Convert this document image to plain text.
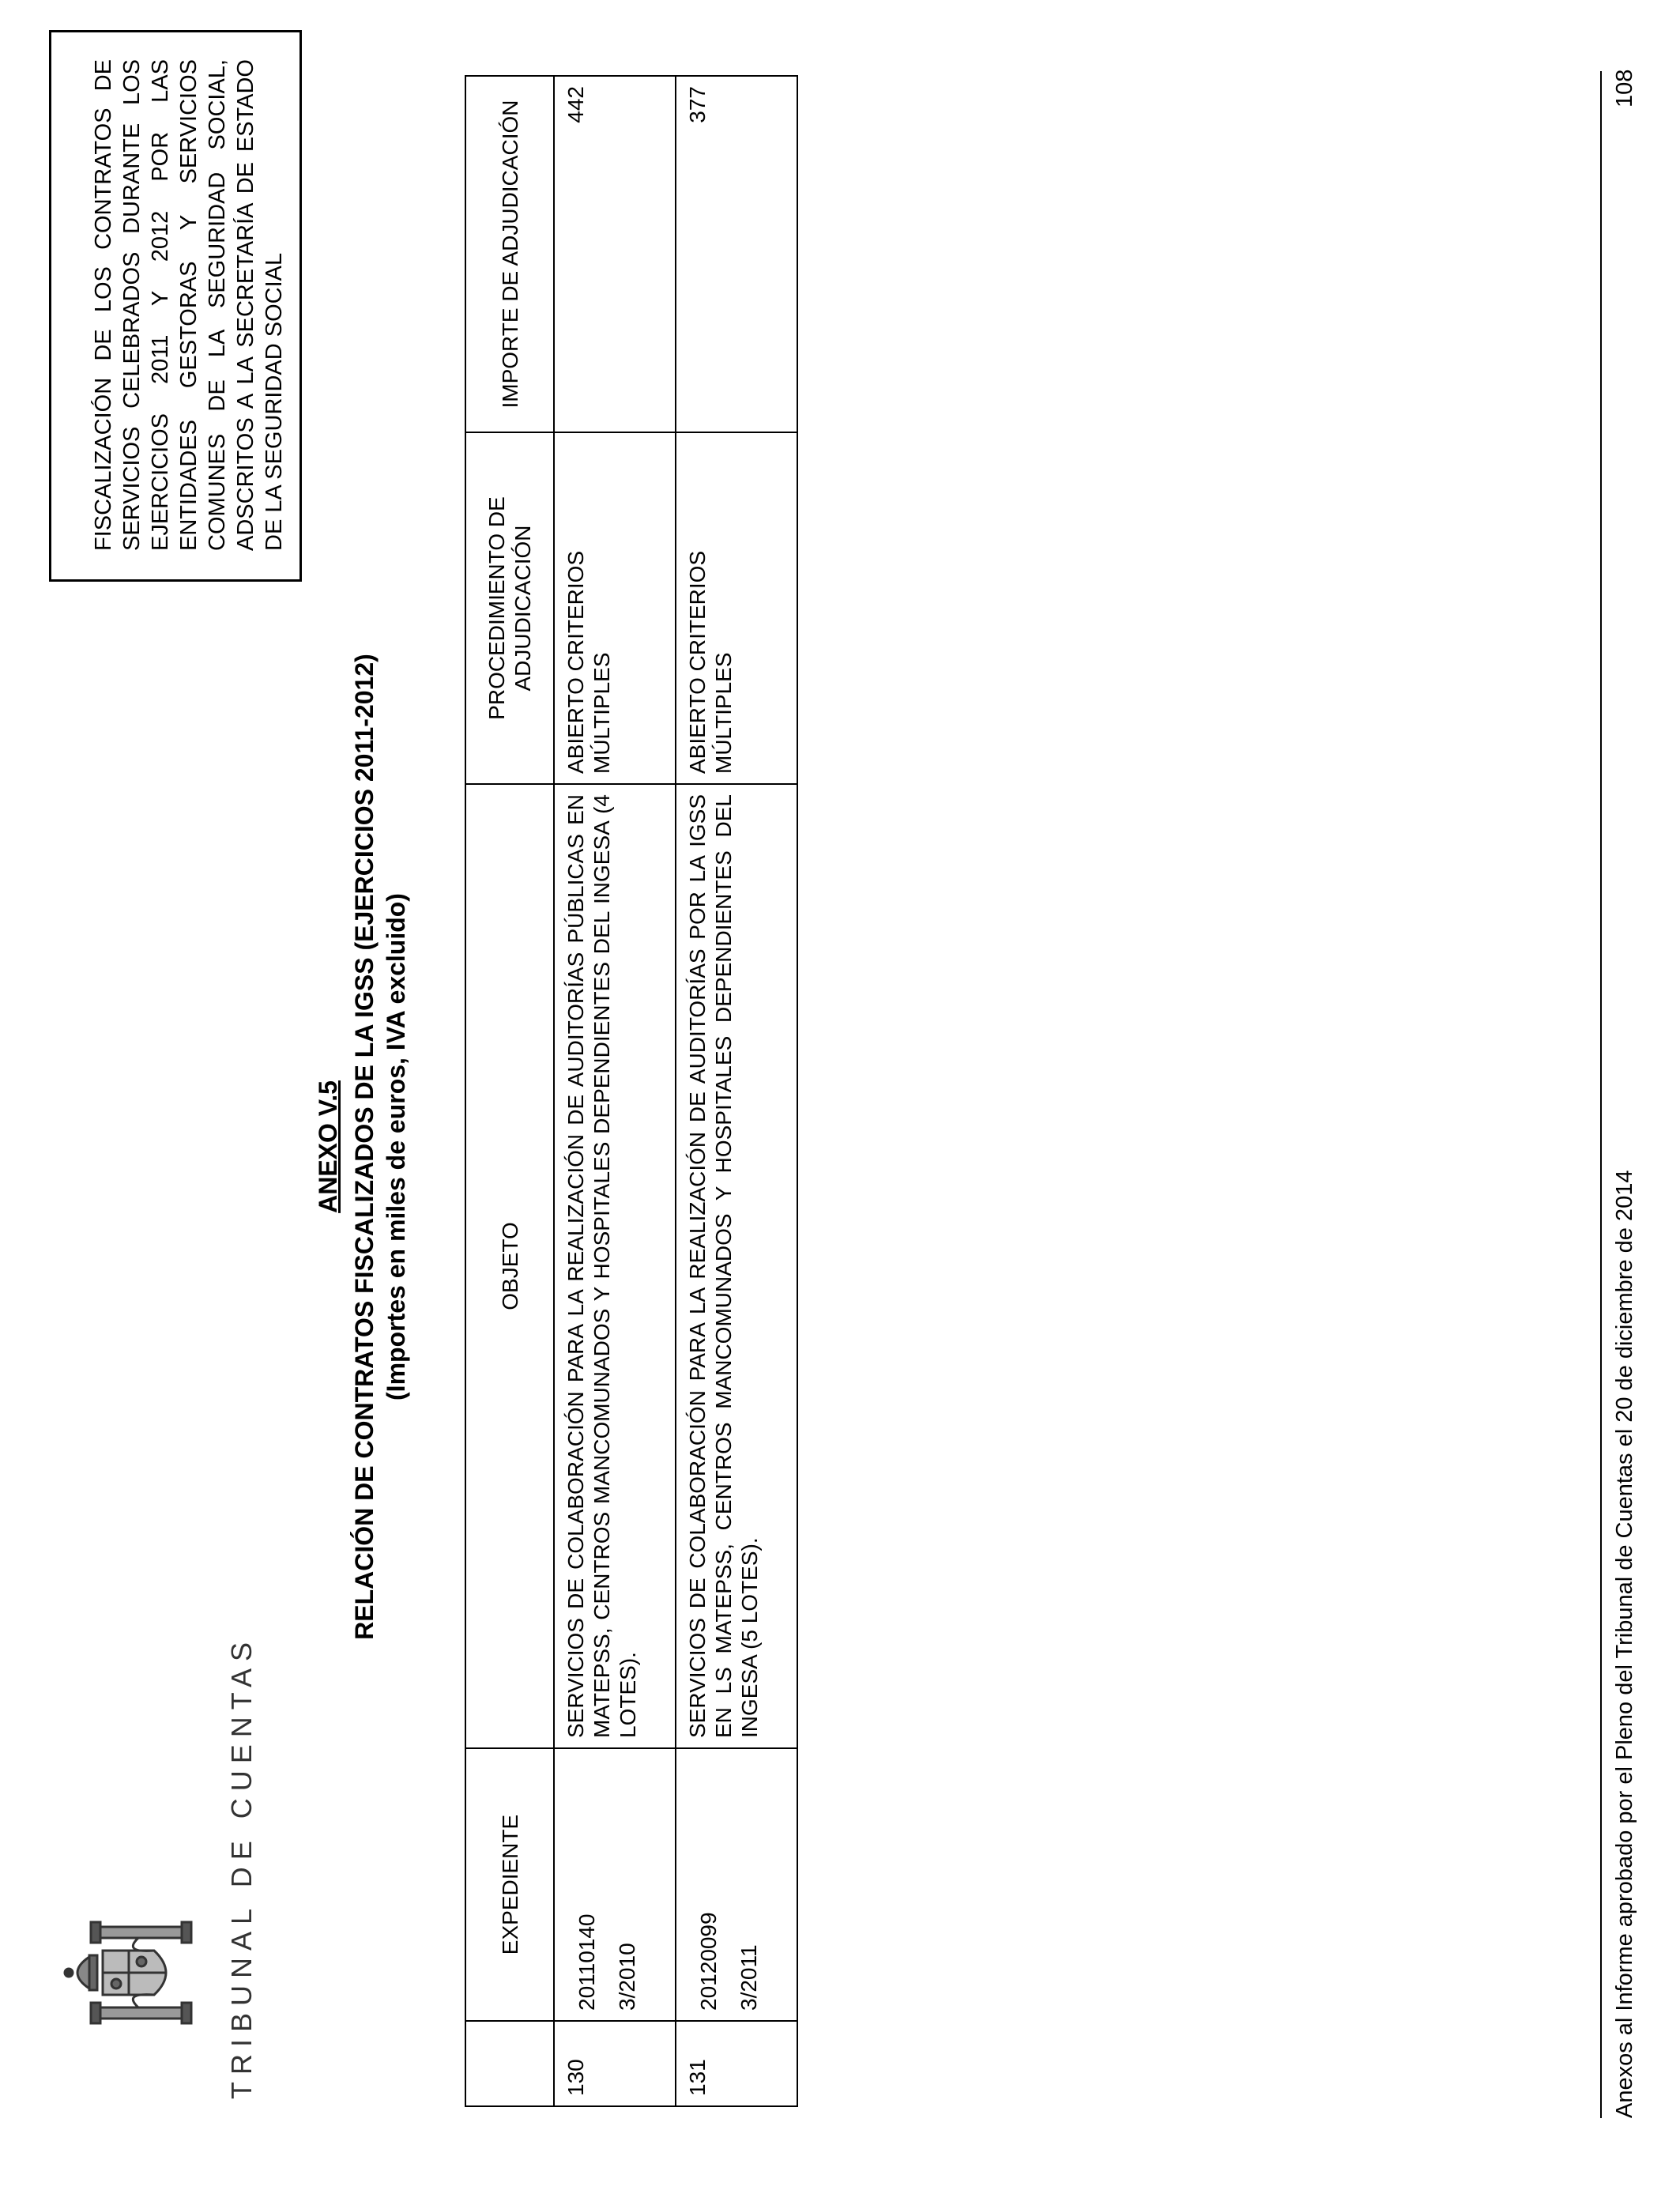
TRIBUNAL DE CUENTAS

FISCALIZACIÓN DE LOS CONTRATOS DE SERVICIOS CELEBRADOS DURANTE LOS EJERCICIOS 2011 Y 2012 POR LAS ENTIDADES GESTORAS Y SERVICIOS COMUNES DE LA SEGURIDAD SOCIAL, ADSCRITOS A LA SECRETARÍA DE ESTADO DE LA SEGURIDAD SOCIAL

ANEXO V.5 RELACIÓN DE CONTRATOS FISCALIZADOS DE LA IGSS (EJERCICIOS 2011-2012) (Importes en miles de euros, IVA excluido)

	EXPEDIENTE	OBJETO	PROCEDIMIENTO DE ADJUDICACIÓN	IMPORTE DE ADJUDICACIÓN
130	20110140 3/2010	SERVICIOS DE COLABORACIÓN PARA LA REALIZACIÓN DE AUDITORÍAS PÚBLICAS EN MATEPSS, CENTROS MANCOMUNADOS Y HOSPITALES DEPENDIENTES DEL INGESA (4 LOTES).	ABIERTO CRITERIOS MÚLTIPLES	442
131	20120099 3/2011	SERVICIOS DE COLABORACIÓN PARA LA REALIZACIÓN DE AUDITORÍAS POR LA IGSS EN LS MATEPSS, CENTROS MANCOMUNADOS Y HOSPITALES DEPENDIENTES DEL INGESA (5 LOTES).	ABIERTO CRITERIOS MÚLTIPLES	377
Anexos al Informe aprobado por el Pleno del Tribunal de Cuentas el 20 de diciembre de 2014
108
